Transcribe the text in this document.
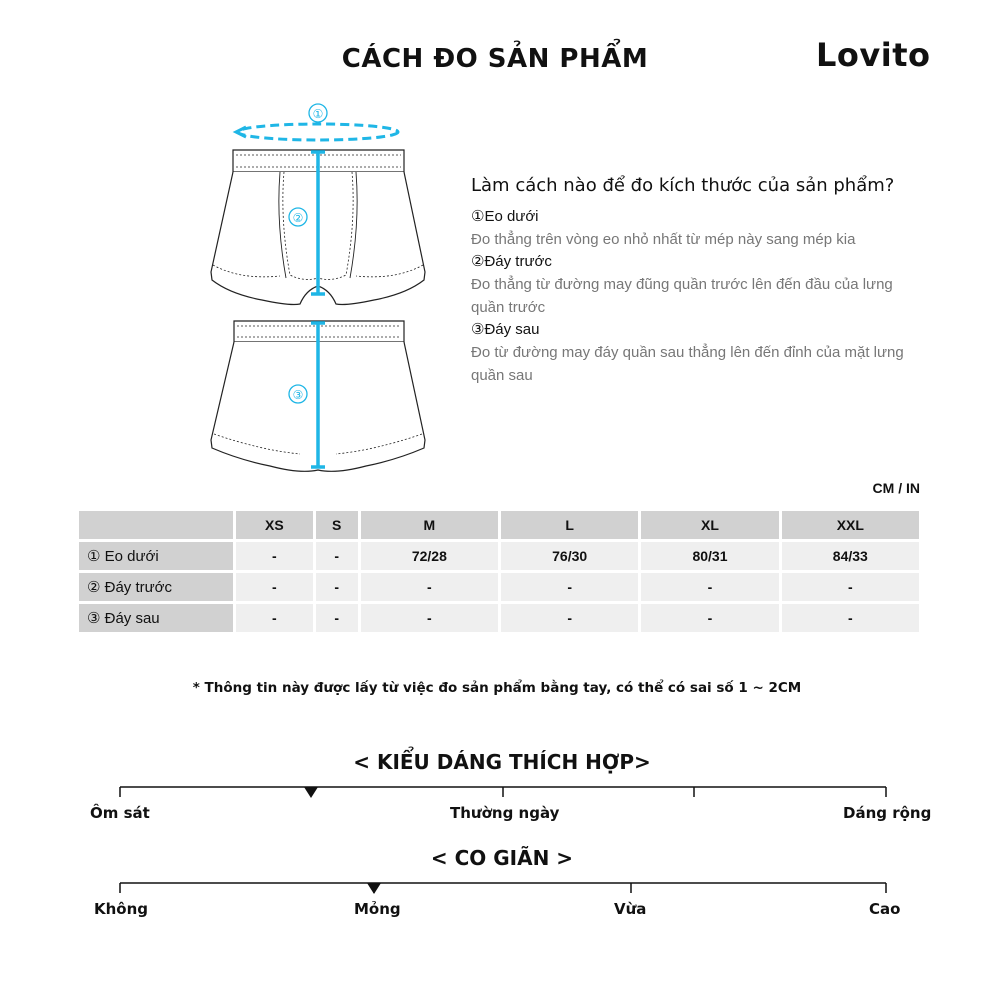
CÁCH ĐO SẢN PHẨM	Lovito
①
②
③
Làm cách nào để đo kích thước của sản phẩm?
①Eo dưới
Đo thẳng trên vòng eo nhỏ nhất từ mép này sang mép kia
②Đáy trước
Đo thẳng từ đường may đũng quần trước lên đến đầu của lưng quần trước
③Đáy sau
Đo từ đường may đáy quần sau thẳng lên đến đỉnh của mặt lưng quần sau
CM / IN
	XS	S	M	L	XL	XXL
① Eo dưới	-	-	72/28	76/30	80/31	84/33
② Đáy trước	-	-	-	-	-	-
③ Đáy sau	-	-	-	-	-	-
* Thông tin này được lấy từ việc đo sản phẩm bằng tay, có thể có sai số 1 ~ 2CM
< KIỂU DÁNG THÍCH HỢP>
Ôm sát	Thường ngày	Dáng rộng
< CO GIÃN >
Không	Mỏng	Vừa	Cao
